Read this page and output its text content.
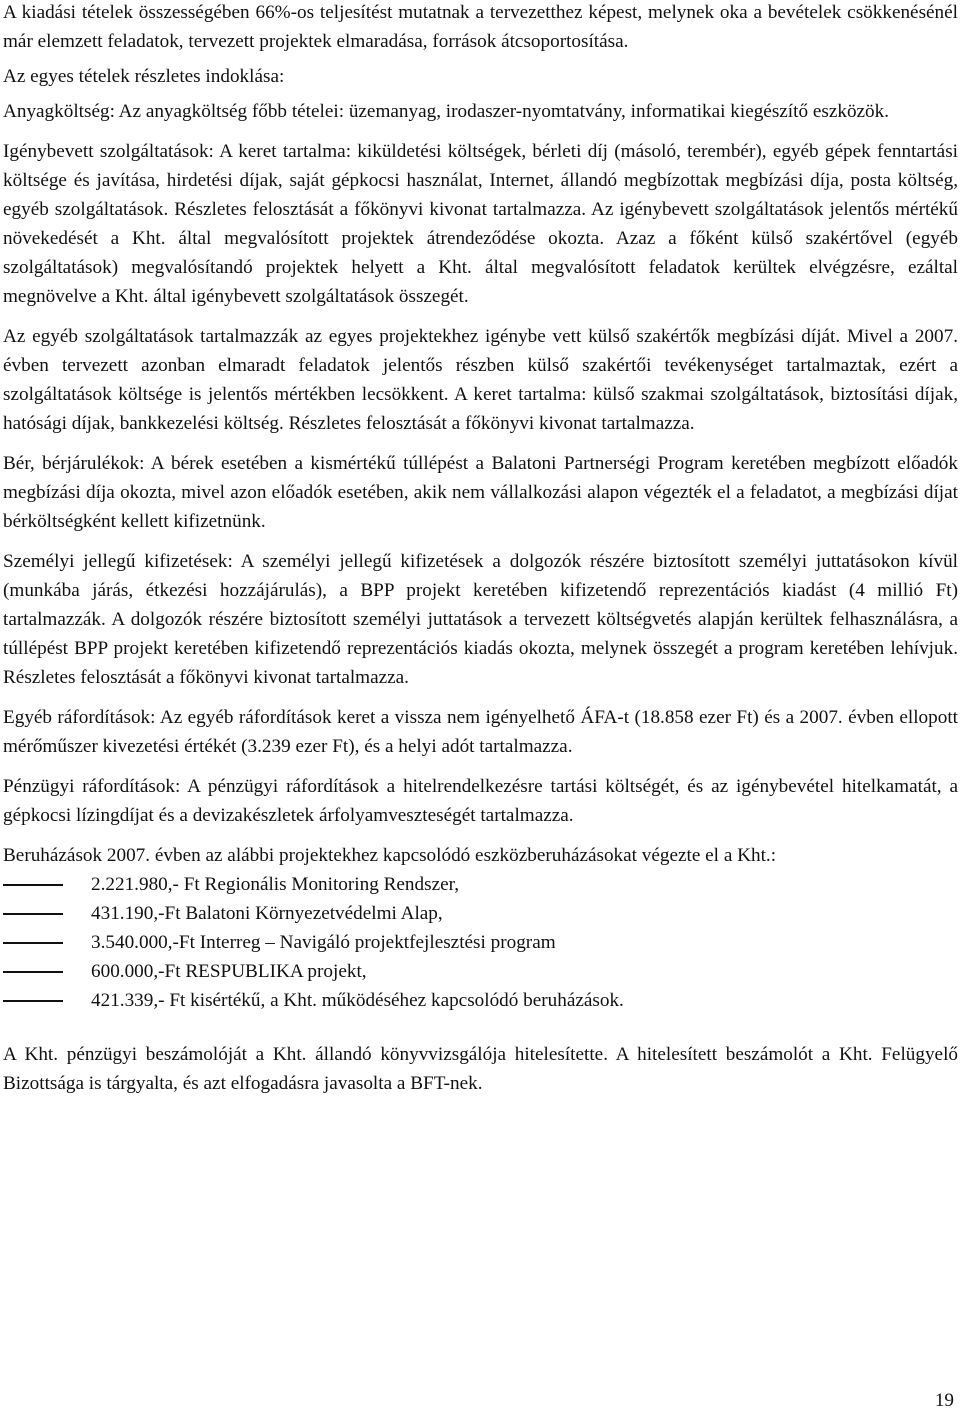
A kiadási tételek összességében 66%-os teljesítést mutatnak a tervezetthez képest, melynek oka a bevételek csökkenésénél már elemzett feladatok, tervezett projektek elmaradása, források átcsoportosítása.

Az egyes tételek részletes indoklása:

Anyagköltség: Az anyagköltség főbb tételei: üzemanyag, irodaszer-nyomtatvány, informatikai kiegészítő eszközök.

Igénybevett szolgáltatások: A keret tartalma: kiküldetési költségek, bérleti díj (másoló, terembér), egyéb gépek fenntartási költsége és javítása, hirdetési díjak, saját gépkocsi használat, Internet, állandó megbízottak megbízási díja, posta költség, egyéb szolgáltatások. Részletes felosztását a főkönyvi kivonat tartalmazza. Az igénybevett szolgáltatások jelentős mértékű növekedését a Kht. által megvalósított projektek átrendeződése okozta. Azaz a főként külső szakértővel (egyéb szolgáltatások) megvalósítandó projektek helyett a Kht. által megvalósított feladatok kerültek elvégzésre, ezáltal megnövelve a Kht. által igénybevett szolgáltatások összegét.

Az egyéb szolgáltatások tartalmazzák az egyes projektekhez igénybe vett külső szakértők megbízási díját. Mivel a 2007. évben tervezett azonban elmaradt feladatok jelentős részben külső szakértői tevékenységet tartalmaztak, ezért a szolgáltatások költsége is jelentős mértékben lecsökkent. A keret tartalma: külső szakmai szolgáltatások, biztosítási díjak, hatósági díjak, bankkezelési költség. Részletes felosztását a főkönyvi kivonat tartalmazza.

Bér, bérjárulékok: A bérek esetében a kismértékű túllépést a Balatoni Partnerségi Program keretében megbízott előadók megbízási díja okozta, mivel azon előadók esetében, akik nem vállalkozási alapon végezték el a feladatot, a megbízási díjat bérköltségként kellett kifizetnünk.

Személyi jellegű kifizetések: A személyi jellegű kifizetések a dolgozók részére biztosított személyi juttatásokon kívül (munkába járás, étkezési hozzájárulás), a BPP projekt keretében kifizetendő reprezentációs kiadást (4 millió Ft) tartalmazzák. A dolgozók részére biztosított személyi juttatások a tervezett költségvetés alapján kerültek felhasználásra, a túllépést BPP projekt keretében kifizetendő reprezentációs kiadás okozta, melynek összegét a program keretében lehívjuk. Részletes felosztását a főkönyvi kivonat tartalmazza.

Egyéb ráfordítások: Az egyéb ráfordítások keret a vissza nem igényelhető ÁFA-t (18.858 ezer Ft) és a 2007. évben ellopott mérőműszer kivezetési értékét (3.239 ezer Ft), és a helyi adót tartalmazza.

Pénzügyi ráfordítások: A pénzügyi ráfordítások a hitelrendelkezésre tartási költségét, és az igénybevétel hitelkamatát, a gépkocsi lízingdíjat és a devizakészletek árfolyamveszteségét tartalmazza.

Beruházások 2007. évben az alábbi projektekhez kapcsolódó eszközberuházásokat végezte el a Kht.:

2.221.980,- Ft Regionális Monitoring Rendszer,
431.190,-Ft Balatoni Környezetvédelmi Alap,
3.540.000,-Ft Interreg – Navigáló projektfejlesztési program
600.000,-Ft RESPUBLIKA projekt,
421.339,- Ft kisértékű, a Kht. működéséhez kapcsolódó beruházások.

A Kht. pénzügyi beszámolóját a Kht. állandó könyvvizsgálója hitelesítette. A hitelesített beszámolót a Kht. Felügyelő Bizottsága is tárgyalta, és azt elfogadásra javasolta a BFT-nek.

19
